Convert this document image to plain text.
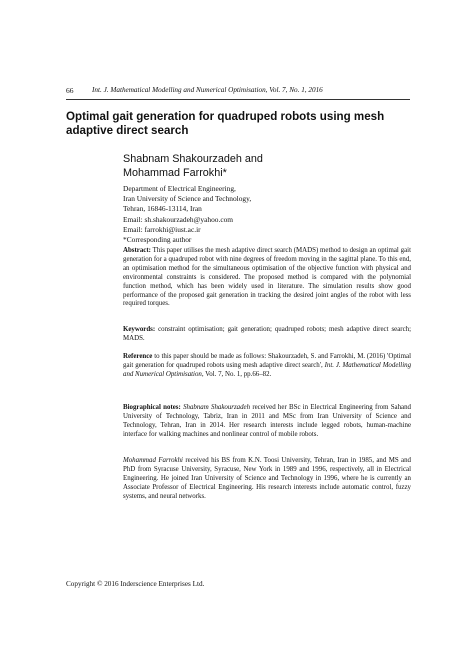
66	Int. J. Mathematical Modelling and Numerical Optimisation, Vol. 7, No. 1, 2016
Optimal gait generation for quadruped robots using mesh adaptive direct search
Shabnam Shakourzadeh and
Mohammad Farrokhi*
Department of Electrical Engineering,
Iran University of Science and Technology,
Tehran, 16846-13114, Iran
Email: sh.shakourzadeh@yahoo.com
Email: farrokhi@iust.ac.ir
*Corresponding author

Abstract: This paper utilises the mesh adaptive direct search (MADS) method to design an optimal gait generation for a quadruped robot with nine degrees of freedom moving in the sagittal plane. To this end, an optimisation method for the simultaneous optimisation of the objective function with physical and environmental constraints is considered. The proposed method is compared with the polynomial function method, which has been widely used in literature. The simulation results show good performance of the proposed gait generation in tracking the desired joint angles of the robot with less required torques.

Keywords: constraint optimisation; gait generation; quadruped robots; mesh adaptive direct search; MADS.

Reference to this paper should be made as follows: Shakourzadeh, S. and Farrokhi, M. (2016) 'Optimal gait generation for quadruped robots using mesh adaptive direct search', Int. J. Mathematical Modelling and Numerical Optimisation, Vol. 7, No. 1, pp.66–82.

Biographical notes: Shabnam Shakourzadeh received her BSc in Electrical Engineering from Sahand University of Technology, Tabriz, Iran in 2011 and MSc from Iran University of Science and Technology, Tehran, Iran in 2014. Her research interests include legged robots, human-machine interface for walking machines and nonlinear control of mobile robots.

Mohammad Farrokhi received his BS from K.N. Toosi University, Tehran, Iran in 1985, and MS and PhD from Syracuse University, Syracuse, New York in 1989 and 1996, respectively, all in Electrical Engineering. He joined Iran University of Science and Technology in 1996, where he is currently an Associate Professor of Electrical Engineering. His research interests include automatic control, fuzzy systems, and neural networks.

Copyright © 2016 Inderscience Enterprises Ltd.
